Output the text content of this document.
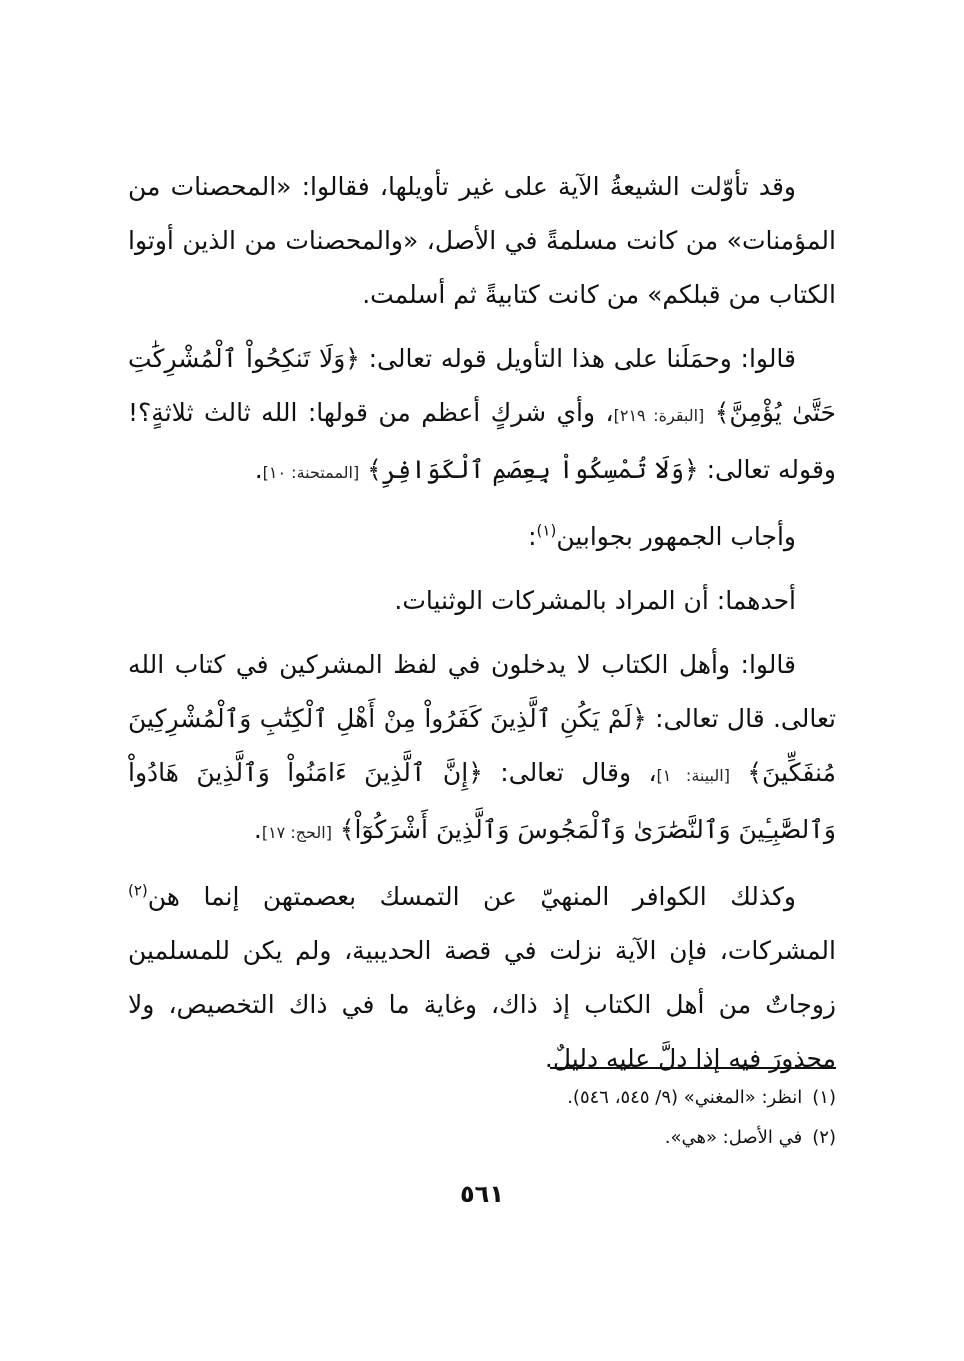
وقد تأوّلت الشيعةُ الآية على غير تأويلها، فقالوا: «المحصنات من المؤمنات» من كانت مسلمةً في الأصل، «والمحصنات من الذين أوتوا الكتاب من قبلكم» من كانت كتابيةً ثم أسلمت.

قالوا: وحمَلَنا على هذا التأويل قوله تعالى: ﴿وَلَا تَنكِحُواْ ٱلْمُشْرِكَٰتِ حَتَّىٰ يُؤْمِنَّ﴾ [البقرة: ٢١٩]، وأي شركٍ أعظم من قولها: الله ثالث ثلاثةٍ؟! وقوله تعالى: ﴿وَلَا تُمْسِكُواْ بِعِصَمِ ٱلْكَوَافِرِ﴾ [الممتحنة: ١٠].

وأجاب الجمهور بجوابين$^{(١)}$:

أحدهما: أن المراد بالمشركات الوثنيات.

قالوا: وأهل الكتاب لا يدخلون في لفظ المشركين في كتاب الله تعالى. قال تعالى: ﴿لَمْ يَكُنِ ٱلَّذِينَ كَفَرُواْ مِنْ أَهْلِ ٱلْكِتَٰبِ وَٱلْمُشْرِكِينَ مُنفَكِّينَ﴾ [البينة: ١]، وقال تعالى: ﴿إِنَّ ٱلَّذِينَ ءَامَنُواْ وَٱلَّذِينَ هَادُواْ وَٱلصَّٰبِـِٔينَ وَٱلنَّصَٰرَىٰ وَٱلْمَجُوسَ وَٱلَّذِينَ أَشْرَكُوٓاْ﴾ [الحج: ١٧].

وكذلك الكوافر المنهيّ عن التمسك بعصمتهن إنما هن$^{(٢)}$ المشركات، فإن الآية نزلت في قصة الحديبية، ولم يكن للمسلمين زوجاتٌ من أهل الكتاب إذ ذاك، وغاية ما في ذاك التخصيص، ولا محذورَ فيه إذا دلَّ عليه دليلٌ.

(١)انظر: «المغني» (٩/ ٥٤٥، ٥٤٦).
(٢)في الأصل: «هي».
٥٦١
